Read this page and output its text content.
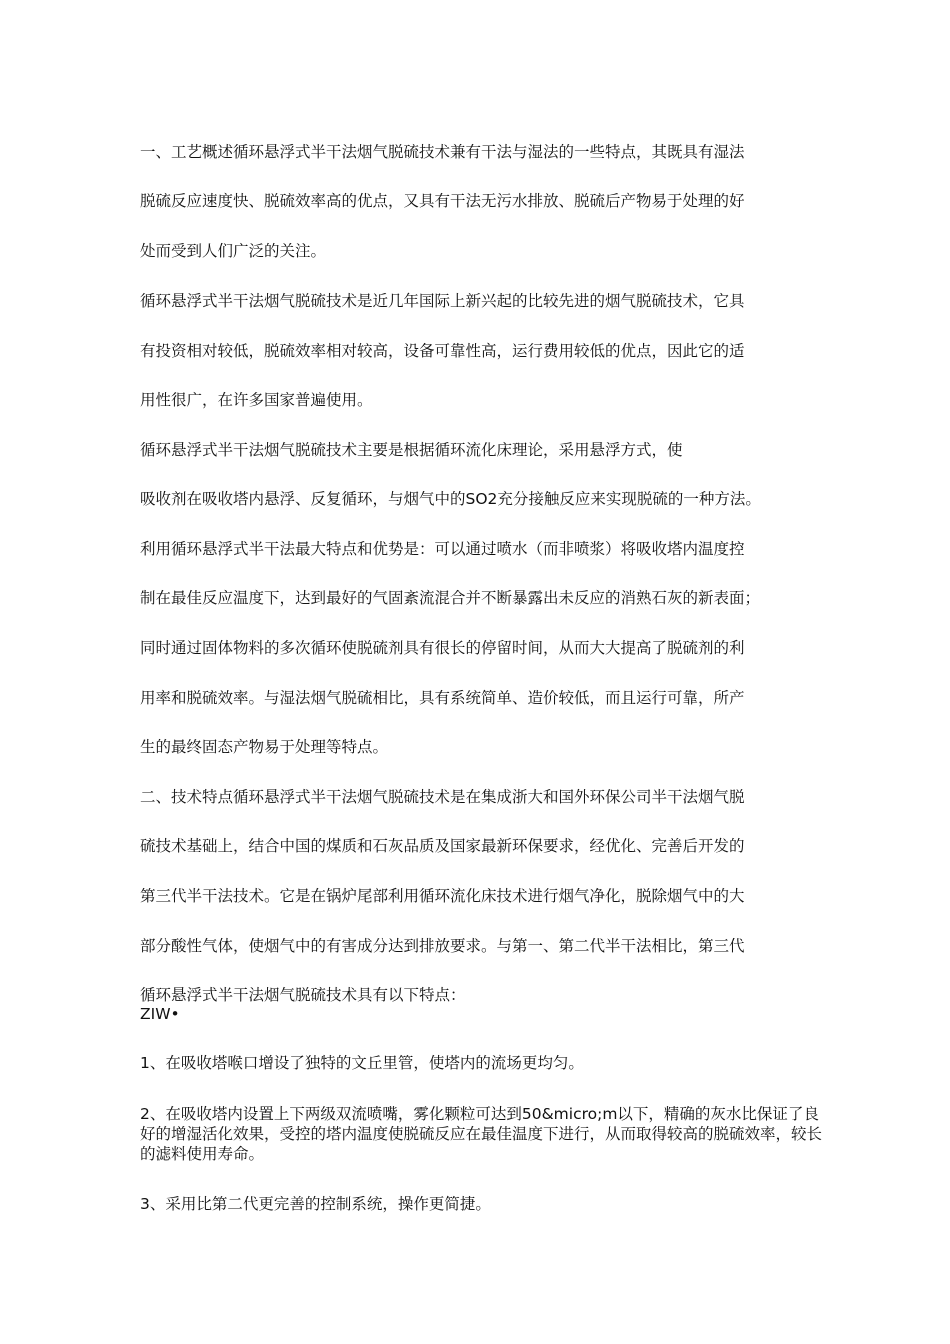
一、工艺概述循环悬浮式半干法烟气脱硫技术兼有干法与湿法的一些特点，其既具有湿法

脱硫反应速度快、脱硫效率高的优点，又具有干法无污水排放、脱硫后产物易于处理的好

处而受到人们广泛的关注。

循环悬浮式半干法烟气脱硫技术是近几年国际上新兴起的比较先进的烟气脱硫技术，它具

有投资相对较低，脱硫效率相对较高，设备可靠性高，运行费用较低的优点，因此它的适

用性很广，在许多国家普遍使用。

循环悬浮式半干法烟气脱硫技术主要是根据循环流化床理论，采用悬浮方式，使

吸收剂在吸收塔内悬浮、反复循环，与烟气中的SO2充分接触反应来实现脱硫的一种方法。

利用循环悬浮式半干法最大特点和优势是：可以通过喷水（而非喷浆）将吸收塔内温度控

制在最佳反应温度下，达到最好的气固紊流混合并不断暴露出未反应的消熟石灰的新表面；

同时通过固体物料的多次循环使脱硫剂具有很长的停留时间，从而大大提高了脱硫剂的利

用率和脱硫效率。与湿法烟气脱硫相比，具有系统简单、造价较低，而且运行可靠，所产

生的最终固态产物易于处理等特点。

二、技术特点循环悬浮式半干法烟气脱硫技术是在集成浙大和国外环保公司半干法烟气脱

硫技术基础上，结合中国的煤质和石灰品质及国家最新环保要求，经优化、完善后开发的

第三代半干法技术。它是在锅炉尾部利用循环流化床技术进行烟气净化，脱除烟气中的大

部分酸性气体，使烟气中的有害成分达到排放要求。与第一、第二代半干法相比，第三代

循环悬浮式半干法烟气脱硫技术具有以下特点：

ZIW•

1、在吸收塔喉口增设了独特的文丘里管，使塔内的流场更均匀。

2、在吸收塔内设置上下两级双流喷嘴，雾化颗粒可达到50&micro;m以下，精确的灰水比保证了良好的增湿活化效果，受控的塔内温度使脱硫反应在最佳温度下进行，从而取得较高的脱硫效率，较长的滤料使用寿命。

3、采用比第二代更完善的控制系统，操作更简捷。
